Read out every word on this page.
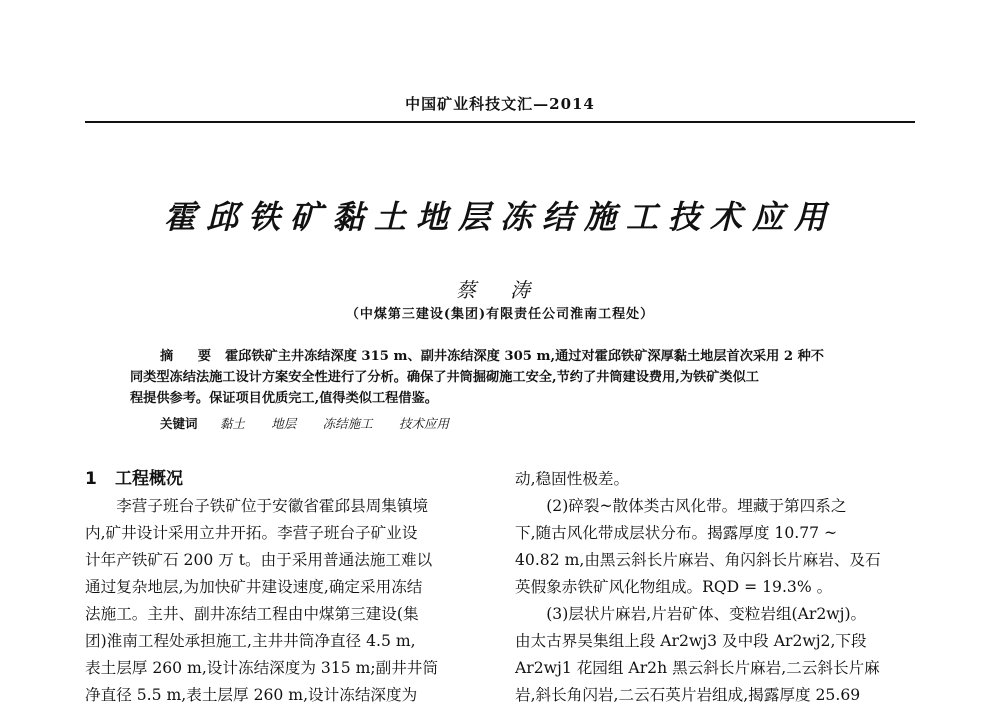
中国矿业科技文汇—2014
霍邱铁矿黏土地层冻结施工技术应用
蔡 涛
（中煤第三建设(集团)有限责任公司淮南工程处）
摘 要 霍邱铁矿主井冻结深度 315 m、副井冻结深度 305 m,通过对霍邱铁矿深厚黏土地层首次采用 2 种不
同类型冻结法施工设计方案安全性进行了分析。确保了井筒掘砌施工安全,节约了井筒建设费用,为铁矿类似工
程提供参考。保证项目优质完工,值得类似工程借鉴。
关键词 黏土 地层 冻结施工 技术应用
1 工程概况
李营子班台子铁矿位于安徽省霍邱县周集镇境
内,矿井设计采用立井开拓。李营子班台子矿业设
计年产铁矿石 200 万 t。由于采用普通法施工难以
通过复杂地层,为加快矿井建设速度,确定采用冻结
法施工。主井、副井冻结工程由中煤第三建设(集
团)淮南工程处承担施工,主井井筒净直径 4.5 m,
表土层厚 260 m,设计冻结深度为 315 m;副井井筒
净直径 5.5 m,表土层厚 260 m,设计冻结深度为
动,稳固性极差。
(2)碎裂~散体类古风化带。埋藏于第四系之
下,随古风化带成层状分布。揭露厚度 10.77 ~
40.82 m,由黑云斜长片麻岩、角闪斜长片麻岩、及石
英假象赤铁矿风化物组成。RQD = 19.3% 。
(3)层状片麻岩,片岩矿体、变粒岩组(Ar2wj)。
由太古界吴集组上段 Ar2wj3 及中段 Ar2wj2,下段
Ar2wj1 花园组 Ar2h 黑云斜长片麻岩,二云斜长片麻
岩,斜长角闪岩,二云石英片岩组成,揭露厚度 25.69
